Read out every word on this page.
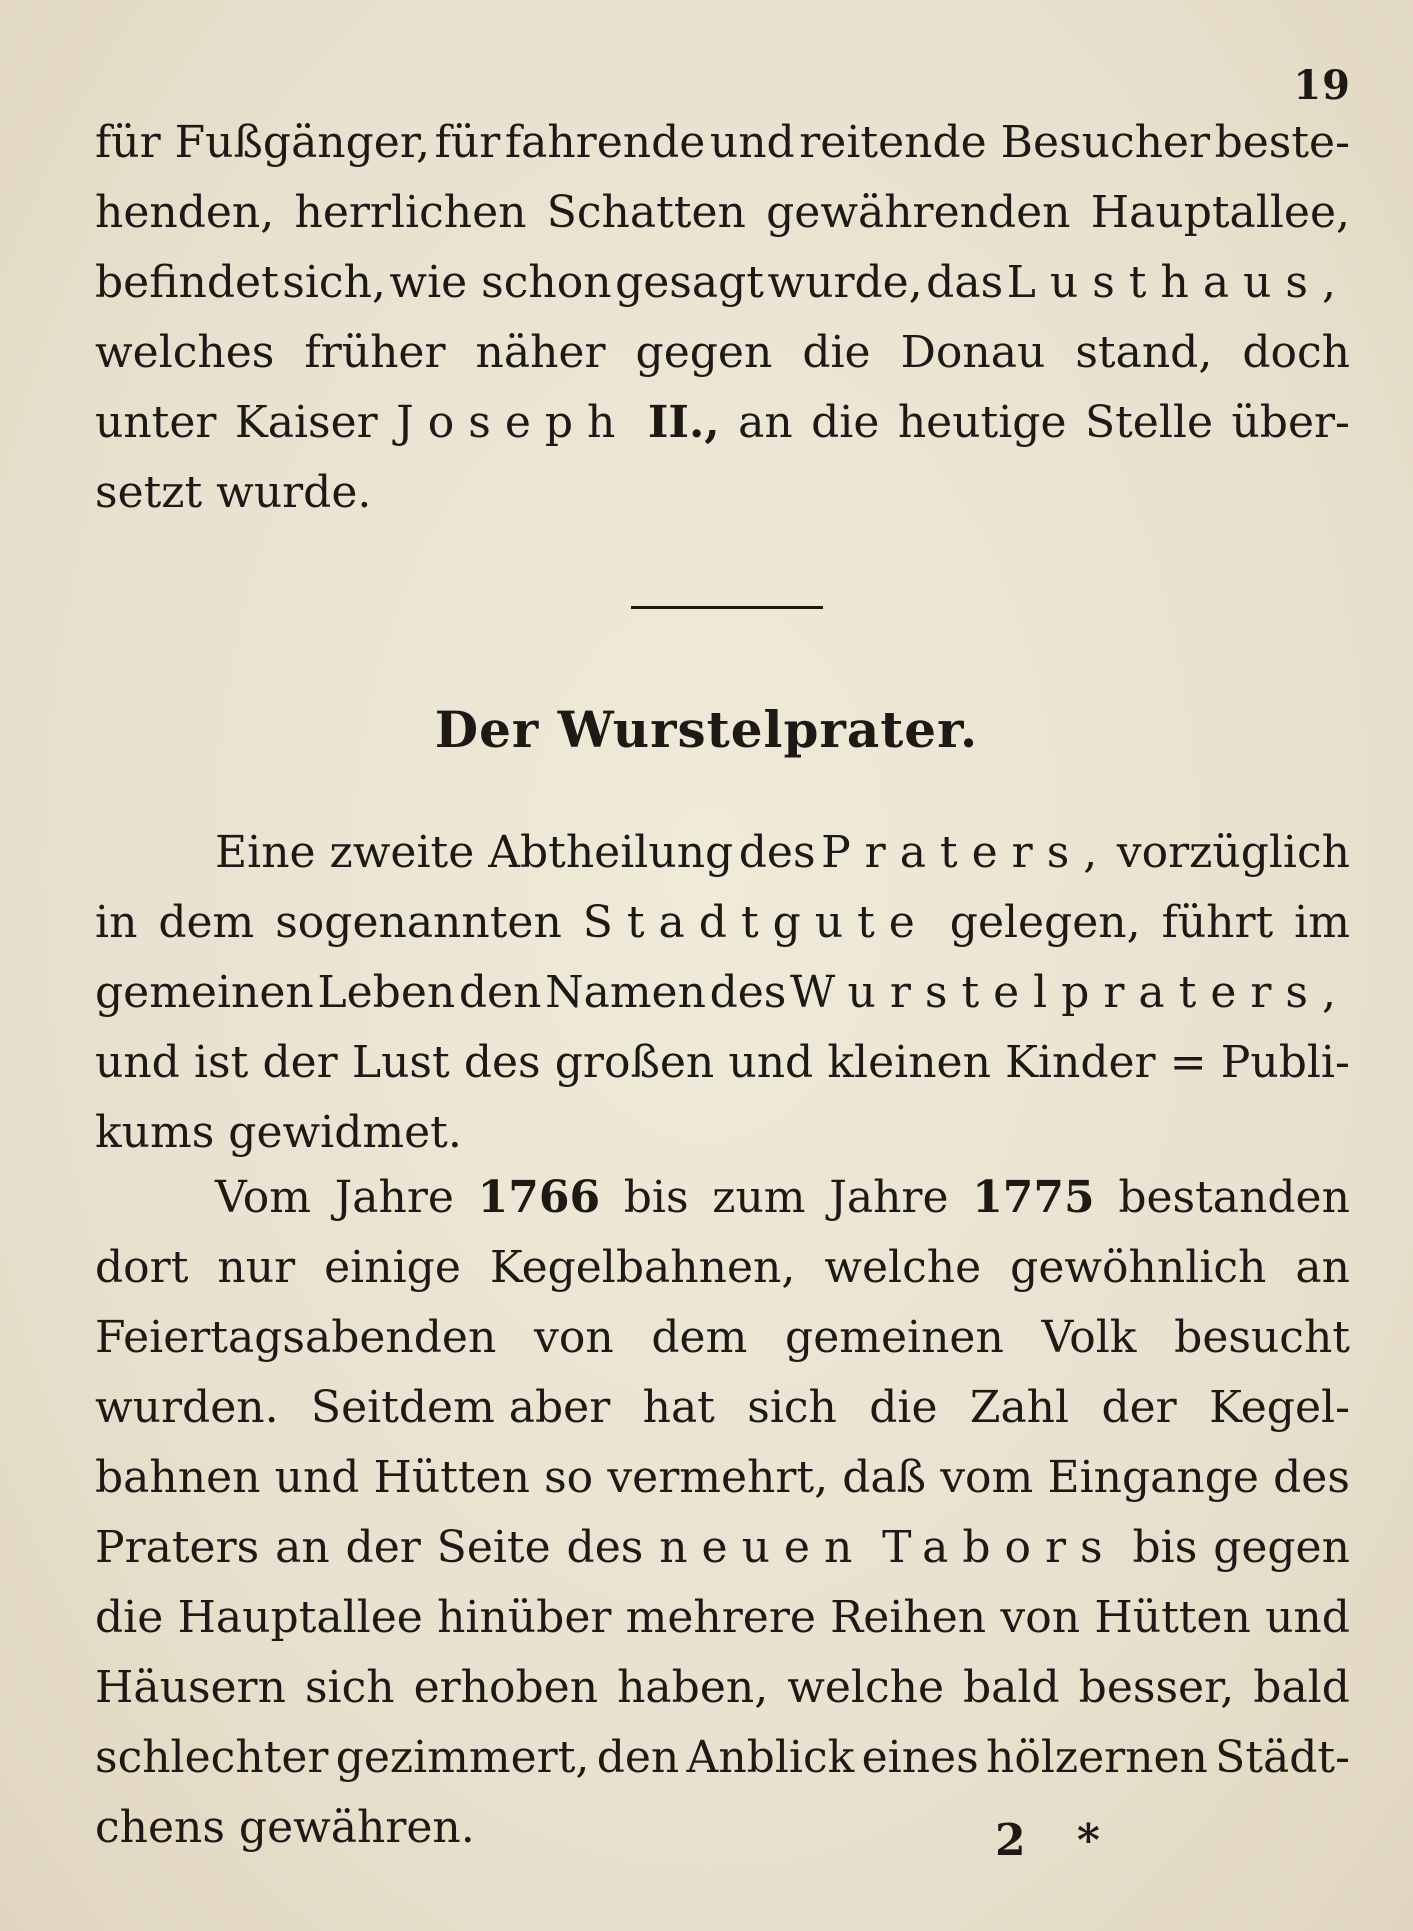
19
für Fußgänger, für fahrende und reitende Besucher beste-
henden, herrlichen Schatten gewährenden Hauptallee,
befindet sich, wie schon gesagt wurde, das Lusthaus,
welches früher näher gegen die Donau stand, doch
unter Kaiser Joseph II., an die heutige Stelle über-
setzt wurde.
Der Wurstelprater.
Eine zweite Abtheilung des Praters, vorzüglich
in dem sogenannten Stadtgute gelegen, führt im
gemeinen Leben den Namen des Wurstelpraters,
und ist der Lust des großen und kleinen Kinder = Publi-
kums gewidmet.
Vom Jahre 1766 bis zum Jahre 1775 bestanden
dort nur einige Kegelbahnen, welche gewöhnlich an
Feiertagsabenden von dem gemeinen Volk besucht
wurden. Seitdem aber hat sich die Zahl der Kegel-
bahnen und Hütten so vermehrt, daß vom Eingange des
Praters an der Seite des neuen Tabors bis gegen
die Hauptallee hinüber mehrere Reihen von Hütten und
Häusern sich erhoben haben, welche bald besser, bald
schlechter gezimmert, den Anblick eines hölzernen Städt-
chens gewähren.	2 *
